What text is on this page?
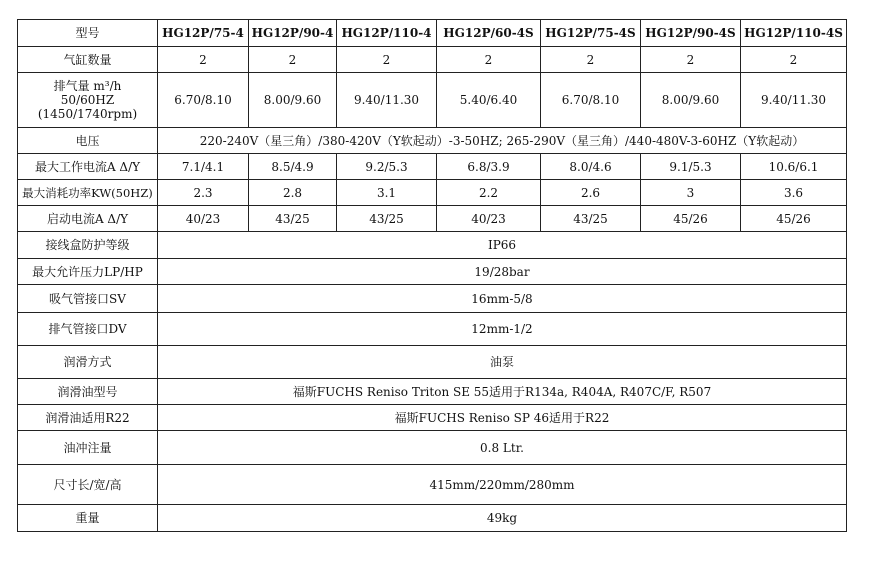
型号	HG12P/75-4	HG12P/90-4	HG12P/110-4	HG12P/60-4S	HG12P/75-4S	HG12P/90-4S	HG12P/110-4S
气缸数量	2	2	2	2	2	2	2

排气量 m³/h
50/60HZ
(1450/1740rpm)	6.70/8.10	8.00/9.60	9.40/11.30	5.40/6.40	6.70/8.10	8.00/9.60	9.40/11.30
电压	220-240V（星三角）/380-420V（Y软起动）-3-50HZ; 265-290V（星三角）/440-480V-3-60HZ（Y软起动）						
最大工作电流A Δ/Y	7.1/4.1	8.5/4.9	9.2/5.3	6.8/3.9	8.0/4.6	9.1/5.3	10.6/6.1
最大消耗功率KW(50HZ)	2.3	2.8	3.1	2.2	2.6	3	3.6
启动电流A Δ/Y	40/23	43/25	43/25	40/23	43/25	45/26	45/26
接线盒防护等级	IP66						
最大允许压力LP/HP	19/28bar						
吸气管接口SV	16mm-5/8						
排气管接口DV	12mm-1/2						
润滑方式	油泵						
润滑油型号	福斯FUCHS Reniso Triton SE 55适用于R134a, R404A, R407C/F, R507						
润滑油适用R22	福斯FUCHS Reniso SP 46适用于R22						
油冲注量	0.8 Ltr.						
尺寸长/宽/高	415mm/220mm/280mm						
重量	49kg						
